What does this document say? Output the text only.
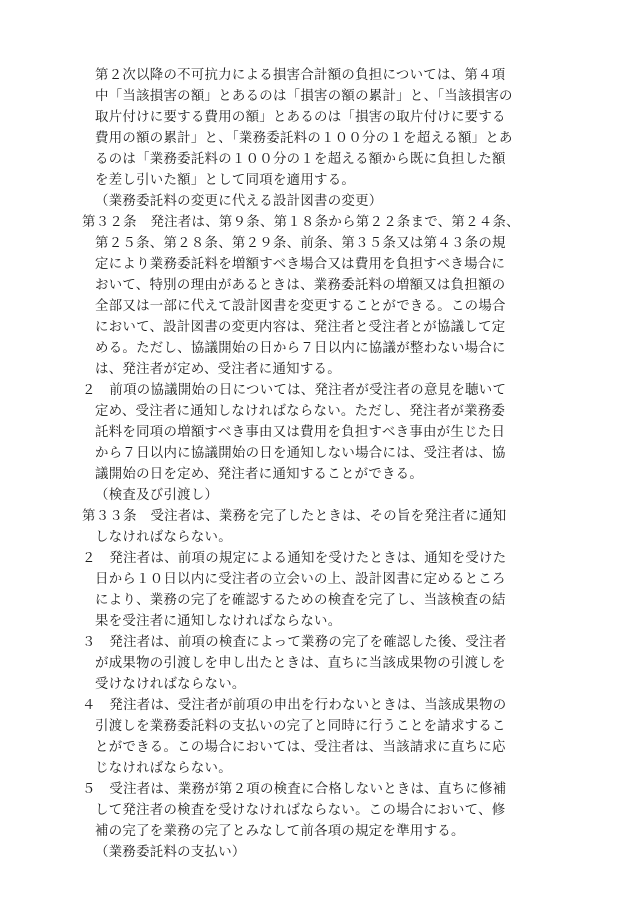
第２次以降の不可抗力による損害合計額の負担については、第４項
中「当該損害の額」とあるのは「損害の額の累計」と、「当該損害の
取片付けに要する費用の額」とあるのは「損害の取片付けに要する
費用の額の累計」と、「業務委託料の１００分の１を超える額」とあ
るのは「業務委託料の１００分の１を超える額から既に負担した額
を差し引いた額」として同項を適用する。
（業務委託料の変更に代える設計図書の変更）
第３２条　発注者は、第９条、第１８条から第２２条まで、第２４条、
第２５条、第２８条、第２９条、前条、第３５条又は第４３条の規
定により業務委託料を増額すべき場合又は費用を負担すべき場合に
おいて、特別の理由があるときは、業務委託料の増額又は負担額の
全部又は一部に代えて設計図書を変更することができる。この場合
において、設計図書の変更内容は、発注者と受注者とが協議して定
める。ただし、協議開始の日から７日以内に協議が整わない場合に
は、発注者が定め、受注者に通知する。
２　前項の協議開始の日については、発注者が受注者の意見を聴いて
定め、受注者に通知しなければならない。ただし、発注者が業務委
託料を同項の増額すべき事由又は費用を負担すべき事由が生じた日
から７日以内に協議開始の日を通知しない場合には、受注者は、協
議開始の日を定め、発注者に通知することができる。
（検査及び引渡し）
第３３条　受注者は、業務を完了したときは、その旨を発注者に通知
しなければならない。
２　発注者は、前項の規定による通知を受けたときは、通知を受けた
日から１０日以内に受注者の立会いの上、設計図書に定めるところ
により、業務の完了を確認するための検査を完了し、当該検査の結
果を受注者に通知しなければならない。
３　発注者は、前項の検査によって業務の完了を確認した後、受注者
が成果物の引渡しを申し出たときは、直ちに当該成果物の引渡しを
受けなければならない。
４　発注者は、受注者が前項の申出を行わないときは、当該成果物の
引渡しを業務委託料の支払いの完了と同時に行うことを請求するこ
とができる。この場合においては、受注者は、当該請求に直ちに応
じなければならない。
５　受注者は、業務が第２項の検査に合格しないときは、直ちに修補
して発注者の検査を受けなければならない。この場合において、修
補の完了を業務の完了とみなして前各項の規定を準用する。
（業務委託料の支払い）
